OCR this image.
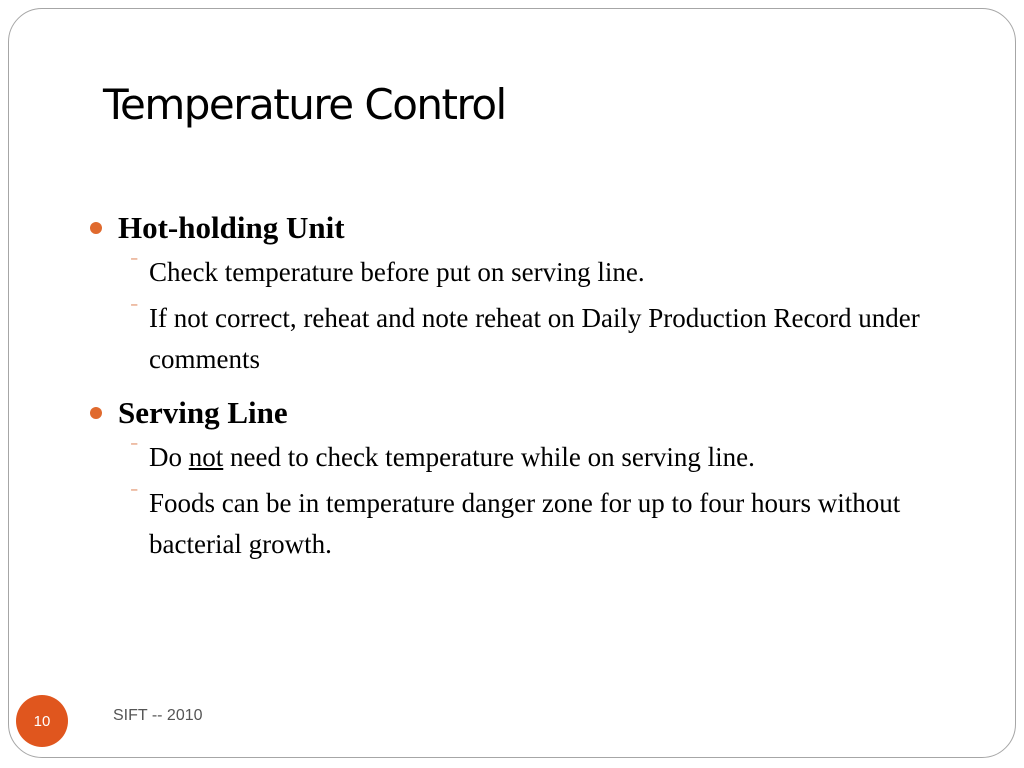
Temperature Control
Hot-holding Unit
⁻ Check temperature before put on serving line.
⁻ If not correct, reheat and note reheat on Daily Production Record under comments
Serving Line
⁻ Do not need to check temperature while on serving line.
⁻ Foods can be in temperature danger zone for up to four hours without bacterial growth.
10	SIFT -- 2010
